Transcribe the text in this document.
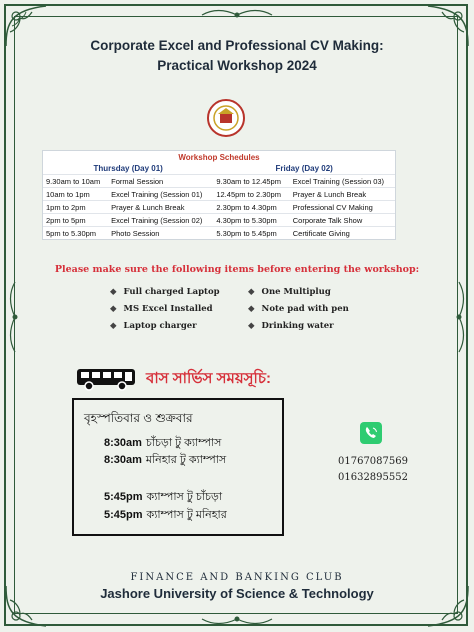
Corporate Excel and Professional CV Making:
Practical Workshop 2024
Workshop Schedules
Thursday (Day 01)		Friday (Day 02)	
9.30am to 10am	Formal Session	9.30am to 12.45pm	Excel Training (Session 03)
10am to 1pm	Excel Training (Session 01)	12.45pm to 2.30pm	Prayer & Lunch Break
1pm to 2pm	Prayer & Lunch Break	2.30pm to 4.30pm	Professional CV Making
2pm to 5pm	Excel Training (Session 02)	4.30pm to 5.30pm	Corporate Talk Show
5pm to 5.30pm	Photo Session	5.30pm to 5.45pm	Certificate Giving
Please make sure the following items before entering the workshop:
◆ Full charged Laptop
◆ MS Excel Installed
◆ Laptop charger
◆ One Multiplug
◆ Note pad with pen
◆ Drinking water
বাস সার্ভিস সময়সূচি:
বৃহস্পতিবার ও শুক্রবার
8:30am চাঁচড়া টু ক্যাম্পাস
8:30am মনিহার টু ক্যাম্পাস
5:45pm ক্যাম্পাস টু চাঁচড়া
5:45pm ক্যাম্পাস টু মনিহার
01767087569
01632895552
FINANCE AND BANKING CLUB
Jashore University of Science & Technology
